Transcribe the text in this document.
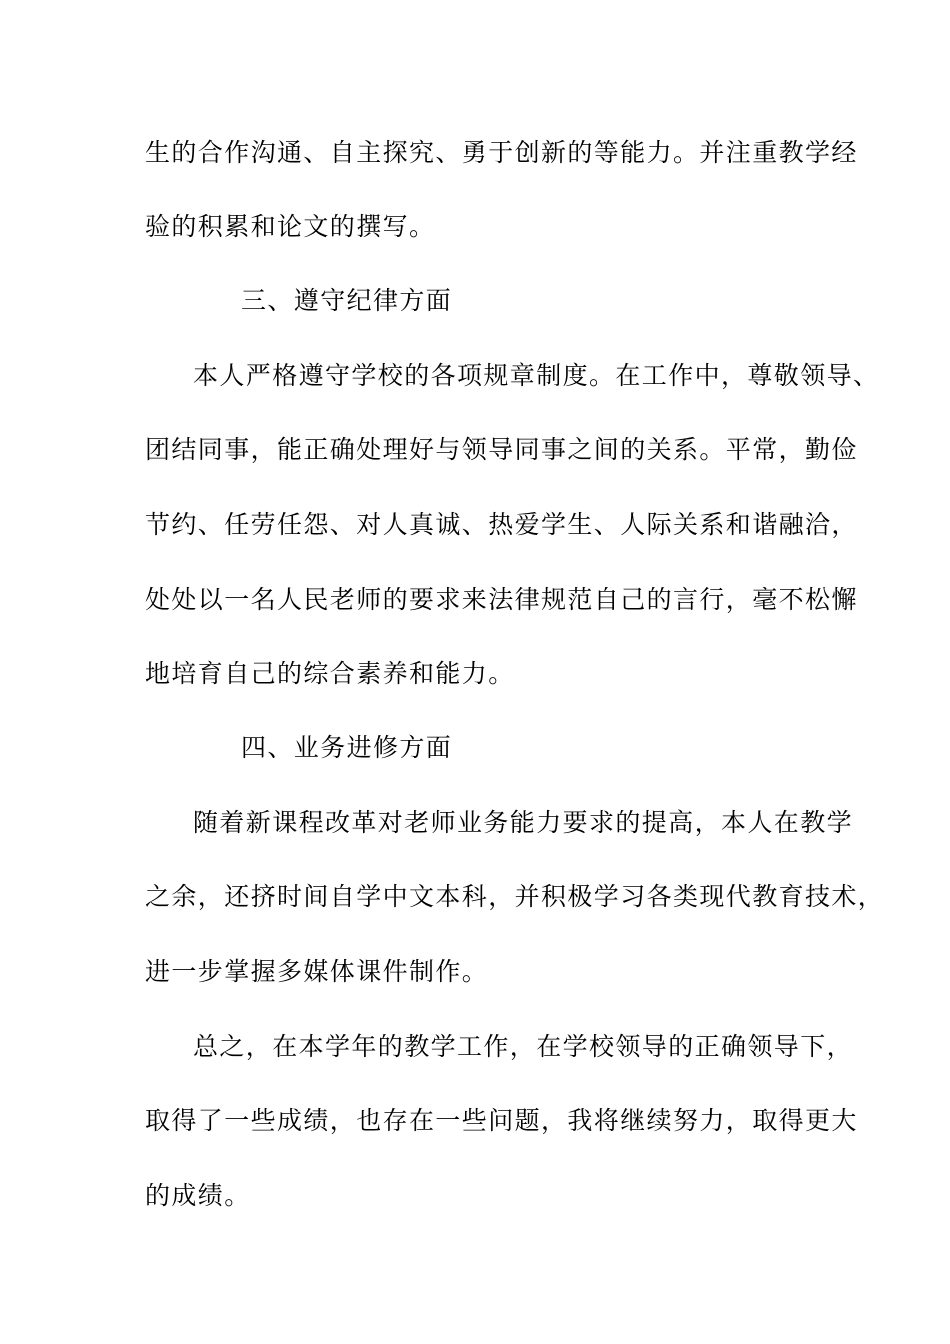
生的合作沟通、自主探究、勇于创新的等能力。并注重教学经
验的积累和论文的撰写。
三、遵守纪律方面
本人严格遵守学校的各项规章制度。在工作中，尊敬领导、
团结同事，能正确处理好与领导同事之间的关系。平常，勤俭
节约、任劳任怨、对人真诚、热爱学生、人际关系和谐融洽，
处处以一名人民老师的要求来法律规范自己的言行，毫不松懈
地培育自己的综合素养和能力。
四、业务进修方面
随着新课程改革对老师业务能力要求的提高，本人在教学
之余，还挤时间自学中文本科，并积极学习各类现代教育技术，
进一步掌握多媒体课件制作。
总之，在本学年的教学工作，在学校领导的正确领导下，
取得了一些成绩，也存在一些问题，我将继续努力，取得更大
的成绩。
